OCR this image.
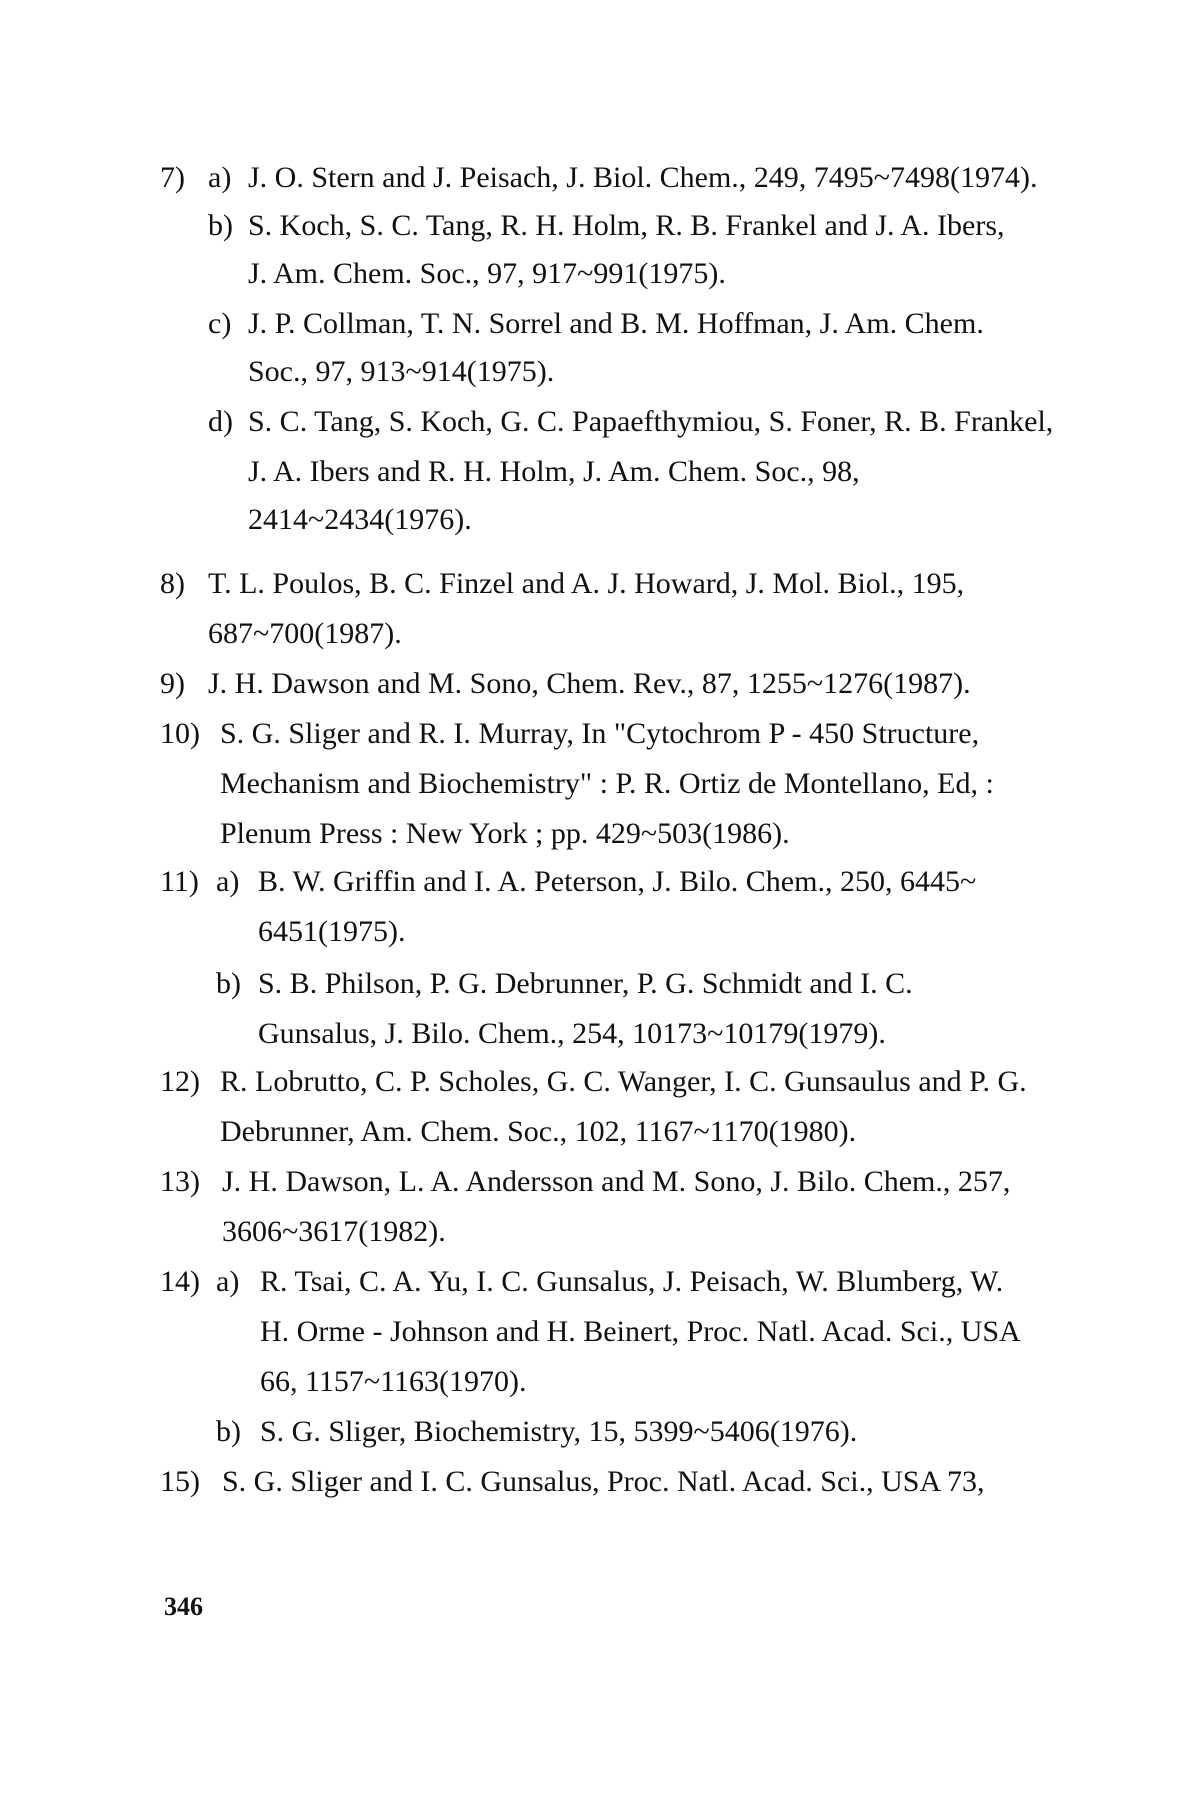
7) a) J. O. Stern and J. Peisach, J. Biol. Chem., 249, 7495~7498(1974).
b) S. Koch, S. C. Tang, R. H. Holm, R. B. Frankel and J. A. Ibers,
J. Am. Chem. Soc., 97, 917~991(1975).
c) J. P. Collman, T. N. Sorrel and B. M. Hoffman, J. Am. Chem.
Soc., 97, 913~914(1975).
d) S. C. Tang, S. Koch, G. C. Papaefthymiou, S. Foner, R. B. Frankel,
J. A. Ibers and R. H. Holm, J. Am. Chem. Soc., 98,
2414~2434(1976).
8) T. L. Poulos, B. C. Finzel and A. J. Howard, J. Mol. Biol., 195,
687~700(1987).
9) J. H. Dawson and M. Sono, Chem. Rev., 87, 1255~1276(1987).
10) S. G. Sliger and R. I. Murray, In "Cytochrom P - 450 Structure,
Mechanism and Biochemistry" : P. R. Ortiz de Montellano, Ed, :
Plenum Press : New York ; pp. 429~503(1986).
11) a) B. W. Griffin and I. A. Peterson, J. Bilo. Chem., 250, 6445~
6451(1975).
b) S. B. Philson, P. G. Debrunner, P. G. Schmidt and I. C.
Gunsalus, J. Bilo. Chem., 254, 10173~10179(1979).
12) R. Lobrutto, C. P. Scholes, G. C. Wanger, I. C. Gunsaulus and P. G.
Debrunner, Am. Chem. Soc., 102, 1167~1170(1980).
13) J. H. Dawson, L. A. Andersson and M. Sono, J. Bilo. Chem., 257,
3606~3617(1982).
14) a) R. Tsai, C. A. Yu, I. C. Gunsalus, J. Peisach, W. Blumberg, W.
H. Orme - Johnson and H. Beinert, Proc. Natl. Acad. Sci., USA
66, 1157~1163(1970).
b) S. G. Sliger, Biochemistry, 15, 5399~5406(1976).
15) S. G. Sliger and I. C. Gunsalus, Proc. Natl. Acad. Sci., USA 73,
346
